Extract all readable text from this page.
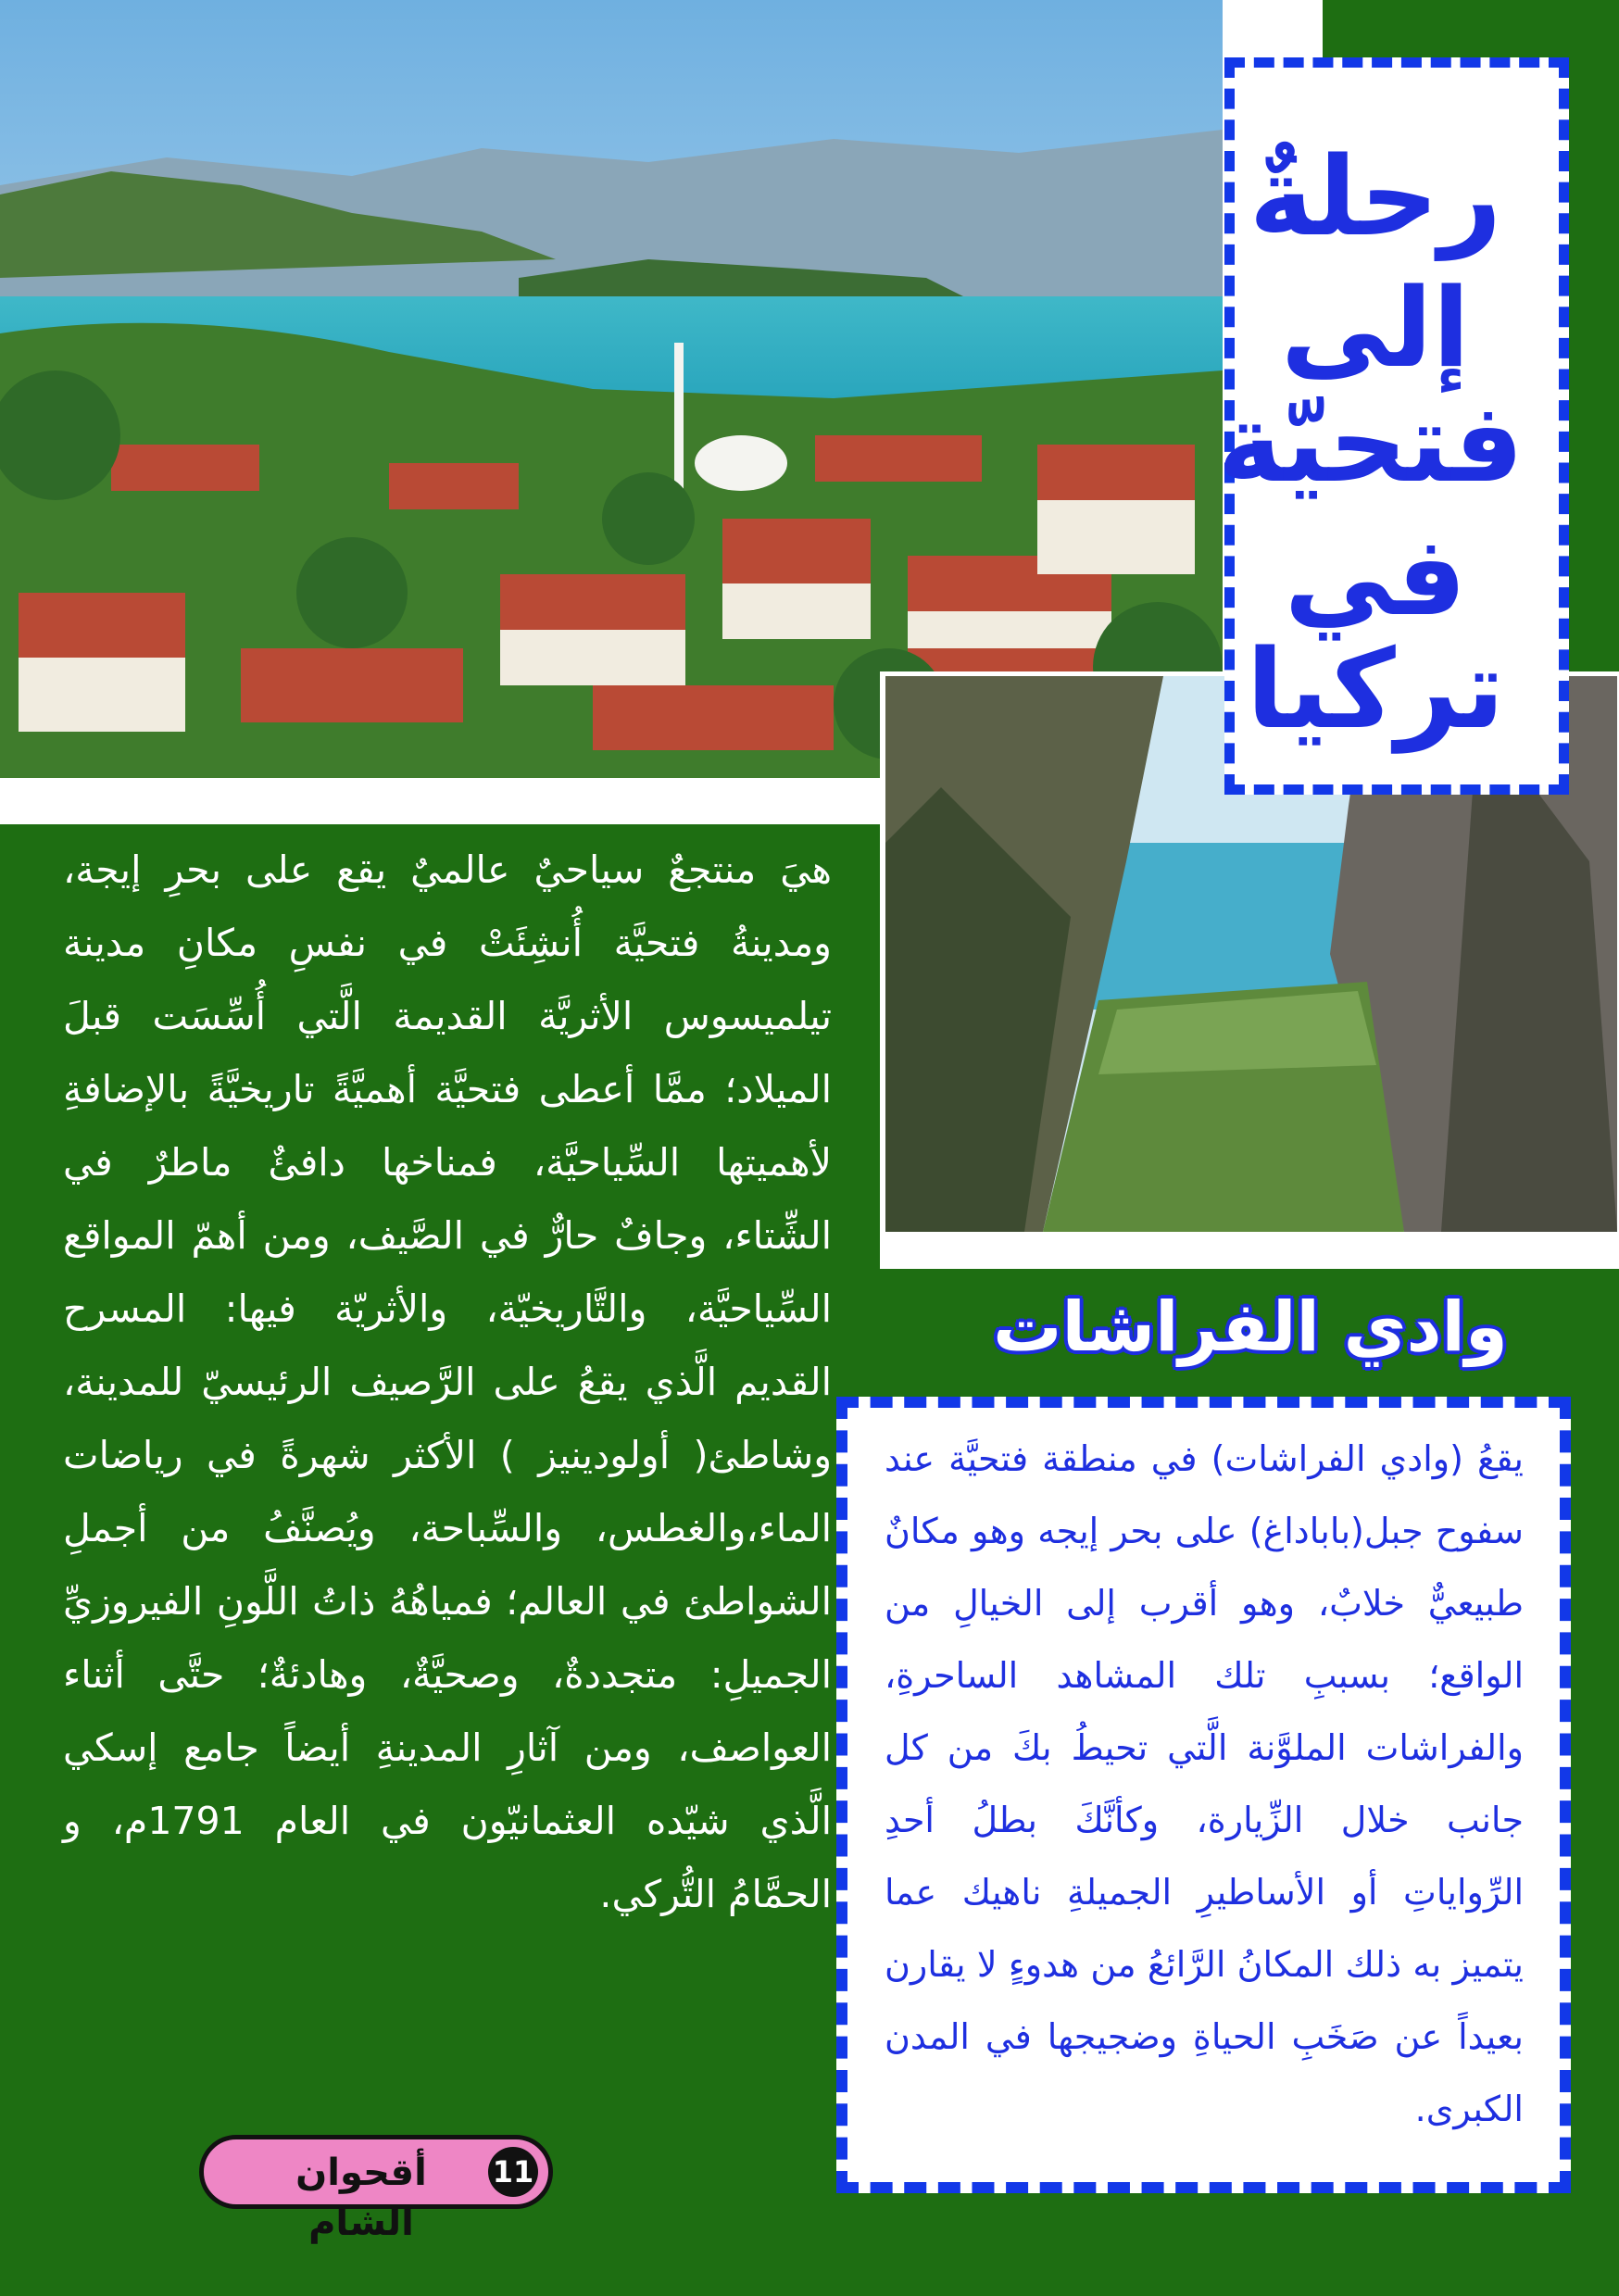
رحلةٌ
إلى
فتحيّة
في
تركيا
هيَ منتجعٌ سياحيٌ عالميٌ يقع على بحرِ إيجة، ومدينةُ فتحيَّة أُنشِئَتْ في نفسِ مكانِ مدينة تيلميسوس الأثريَّة القديمة الَّتي أُسِّسَت قبلَ الميلاد؛ ممَّا أعطى فتحيَّة أهميَّةً تاريخيَّةً بالإضافةِ لأهميتها السِّياحيَّة، فمناخها دافئٌ ماطرٌ في الشِّتاء، وجافٌ حارٌّ في الصَّيف، ومن أهمّ المواقع السِّياحيَّة، والتَّاريخيّة، والأثريّة فيها: المسرح القديم الَّذي يقعُ على الرَّصيف الرئيسيّ للمدينة، وشاطئ( أولودينيز ) الأكثر شهرةً في رياضات الماء،والغطس، والسِّباحة، ويُصنَّفُ من أجملِ الشواطئ في العالم؛ فمياهُهُ ذاتُ اللَّونِ الفيروزيِّ الجميلِ: متجددةٌ، وصحيَّةٌ، وهادئةٌ؛ حتَّى أثناء العواصف، ومن آثارِ المدينةِ أيضاً جامع إسكي الَّذي شيّده العثمانيّون في العام 1791م، و الحمَّامُ التُّركي.
وادي الفراشات
يقعُ (وادي الفراشات) في منطقة فتحيَّة عند سفوح جبل(باباداغ) على بحر إيجه وهو مكانٌ طبيعيٌّ خلابٌ، وهو أقرب إلى الخيالِ من الواقع؛ بسببِ تلك المشاهد الساحرةِ، والفراشات الملوَّنة الَّتي تحيطُ بكَ من كل جانب خلال الزِّيارة، وكأنَّكَ بطلُ أحدِ الرِّواياتِ أو الأساطيرِ الجميلةِ ناهيك عما يتميز به ذلك المكانُ الرَّائعُ من هدوءٍ لا يقارن بعيداً عن صَخَبِ الحياةِ وضجيجها في المدن الكبرى.
11
أقحوان الشام
